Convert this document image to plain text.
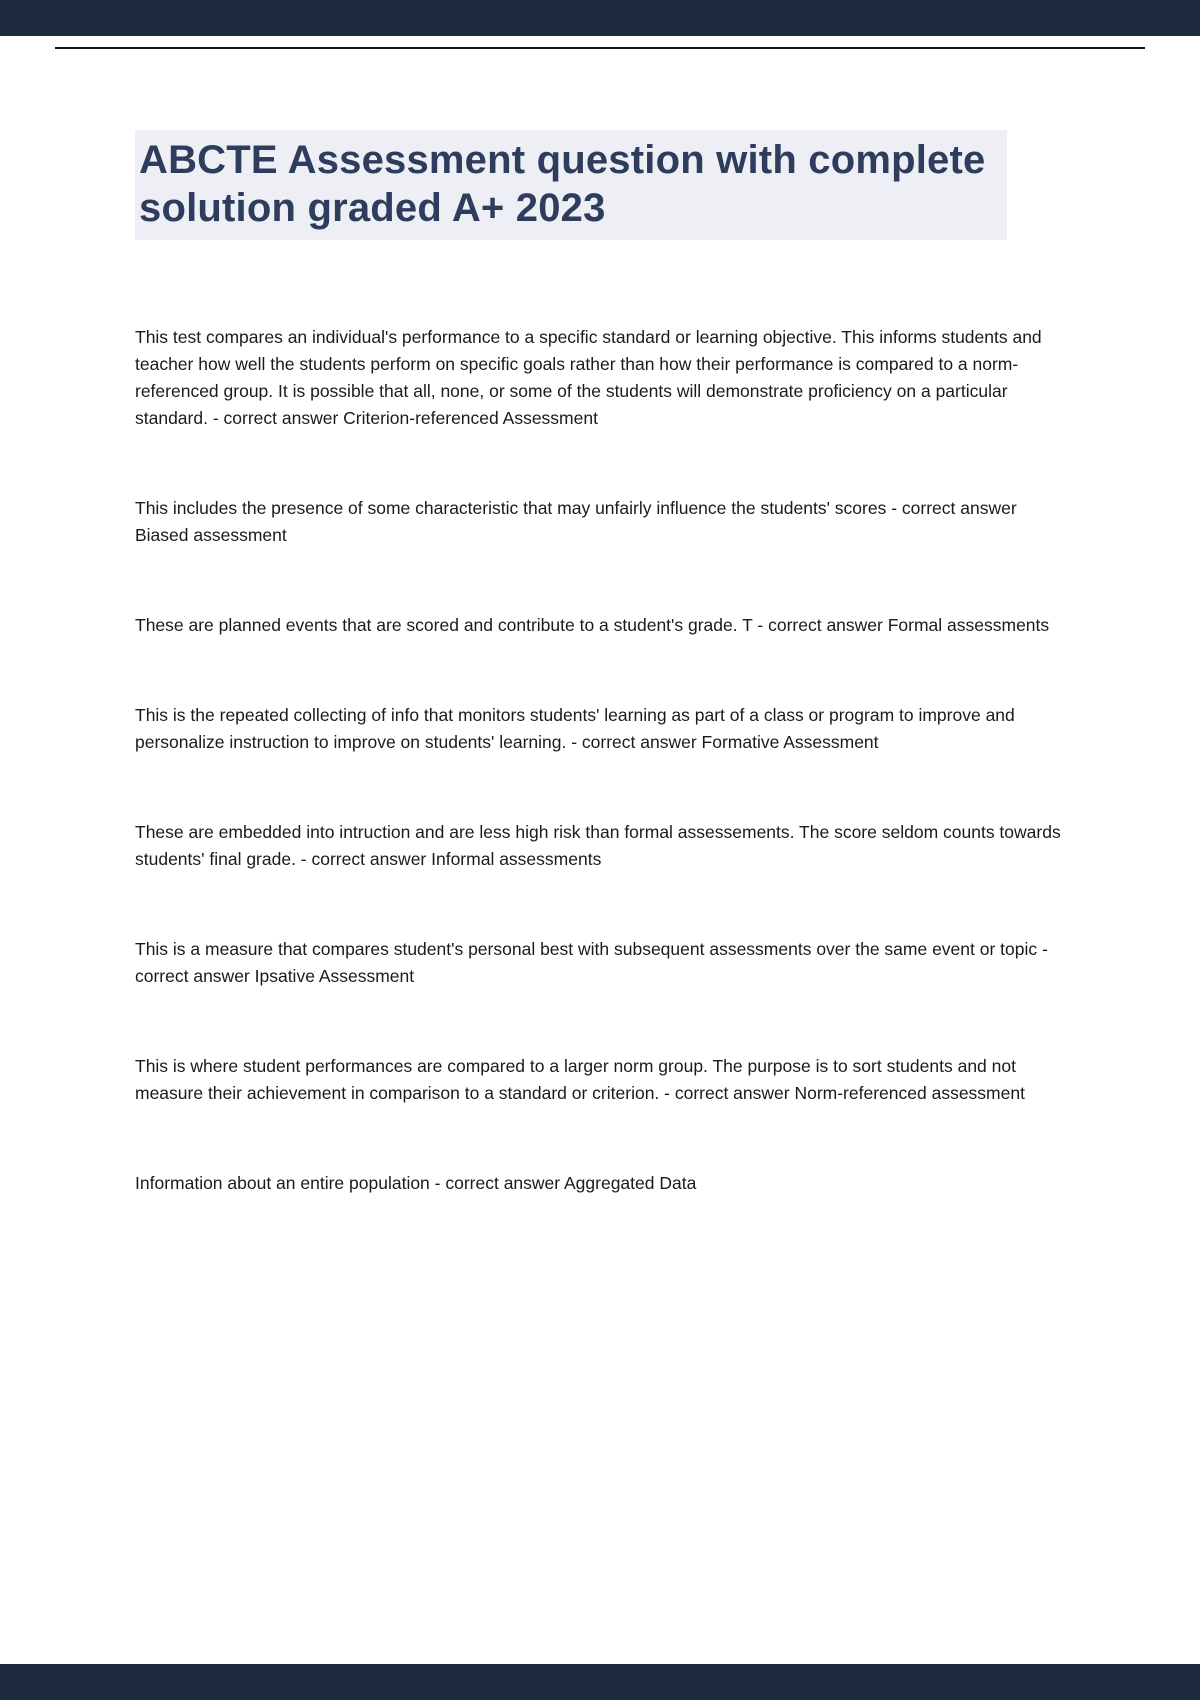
ABCTE Assessment question with complete solution graded A+ 2023

This test compares an individual's performance to a specific standard or learning objective. This informs students and teacher how well the students perform on specific goals rather than how their performance is compared to a norm-referenced group. It is possible that all, none, or some of the students will demonstrate proficiency on a particular standard. - correct answer Criterion-referenced Assessment

This includes the presence of some characteristic that may unfairly influence the students' scores - correct answer Biased assessment

These are planned events that are scored and contribute to a student's grade. T - correct answer Formal assessments

This is the repeated collecting of info that monitors students' learning as part of a class or program to improve and personalize instruction to improve on students' learning. - correct answer Formative Assessment

These are embedded into intruction and are less high risk than formal assessements. The score seldom counts towards students' final grade. - correct answer Informal assessments

This is a measure that compares student's personal best with subsequent assessments over the same event or topic - correct answer Ipsative Assessment

This is where student performances are compared to a larger norm group. The purpose is to sort students and not measure their achievement in comparison to a standard or criterion. - correct answer Norm-referenced assessment

Information about an entire population - correct answer Aggregated Data
